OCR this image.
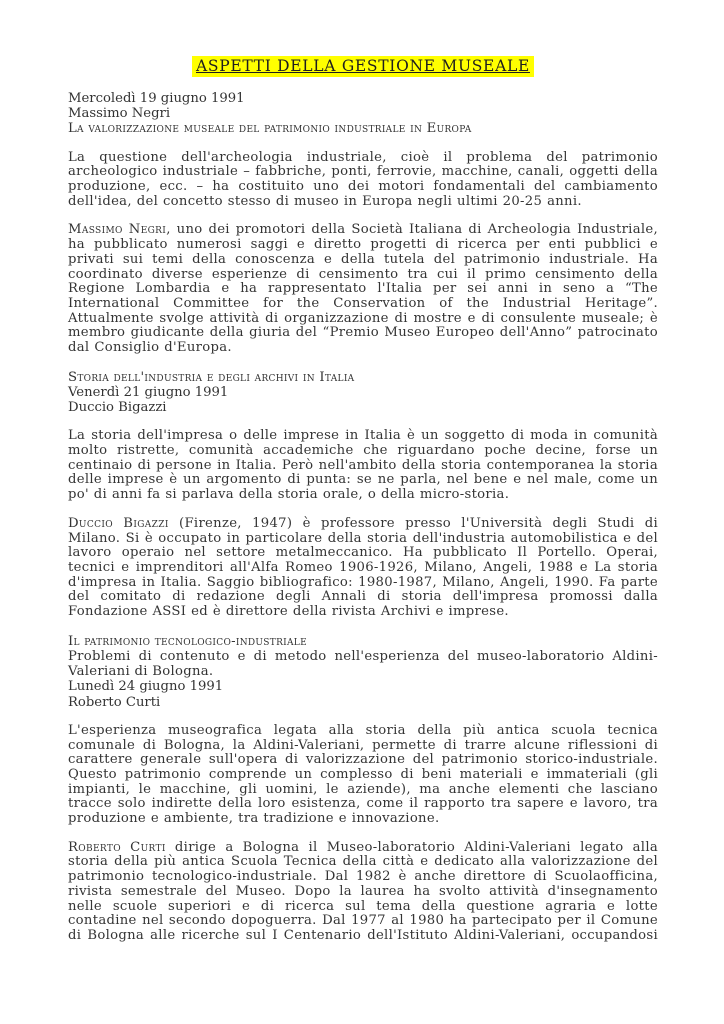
ASPETTI DELLA GESTIONE MUSEALE
Mercoledì 19 giugno 1991
Massimo Negri
La valorizzazione museale del patrimonio industriale in Europa

La questione dell'archeologia industriale, cioè il problema del patrimonio archeologico industriale – fabbriche, ponti, ferrovie, macchine, canali, oggetti della produzione, ecc. – ha costituito uno dei motori fondamentali del cambiamento dell'idea, del concetto stesso di museo in Europa negli ultimi 20-25 anni.

Massimo Negri, uno dei promotori della Società Italiana di Archeologia Industriale, ha pubblicato numerosi saggi e diretto progetti di ricerca per enti pubblici e privati sui temi della conoscenza e della tutela del patrimonio industriale. Ha coordinato diverse esperienze di censimento tra cui il primo censimento della Regione Lombardia e ha rappresentato l'Italia per sei anni in seno a “The International Committee for the Conservation of the Industrial Heritage”. Attualmente svolge attività di organizzazione di mostre e di consulente museale; è membro giudicante della giuria del “Premio Museo Europeo dell'Anno” patrocinato dal Consiglio d'Europa.

Storia dell'industria e degli archivi in Italia
Venerdì 21 giugno 1991
Duccio Bigazzi

La storia dell'impresa o delle imprese in Italia è un soggetto di moda in comunità molto ristrette, comunità accademiche che riguardano poche decine, forse un centinaio di persone in Italia. Però nell'ambito della storia contemporanea la storia delle imprese è un argomento di punta: se ne parla, nel bene e nel male, come un po' di anni fa si parlava della storia orale, o della micro-storia.

Duccio Bigazzi (Firenze, 1947) è professore presso l'Università degli Studi di Milano. Si è occupato in particolare della storia dell'industria automobilistica e del lavoro operaio nel settore metalmeccanico. Ha pubblicato Il Portello. Operai, tecnici e imprenditori all'Alfa Romeo 1906-1926, Milano, Angeli, 1988 e La storia d'impresa in Italia. Saggio bibliografico: 1980-1987, Milano, Angeli, 1990. Fa parte del comitato di redazione degli Annali di storia dell'impresa promossi dalla Fondazione ASSI ed è direttore della rivista Archivi e imprese.

Il patrimonio tecnologico-industriale
Problemi di contenuto e di metodo nell'esperienza del museo-laboratorio Aldini-Valeriani di Bologna.
Lunedì 24 giugno 1991
Roberto Curti

L'esperienza museografica legata alla storia della più antica scuola tecnica comunale di Bologna, la Aldini-Valeriani, permette di trarre alcune riflessioni di carattere generale sull'opera di valorizzazione del patrimonio storico-industriale. Questo patrimonio comprende un complesso di beni materiali e immateriali (gli impianti, le macchine, gli uomini, le aziende), ma anche elementi che lasciano tracce solo indirette della loro esistenza, come il rapporto tra sapere e lavoro, tra produzione e ambiente, tra tradizione e innovazione.

Roberto Curti dirige a Bologna il Museo-laboratorio Aldini-Valeriani legato alla storia della più antica Scuola Tecnica della città e dedicato alla valorizzazione del patrimonio tecnologico-industriale. Dal 1982 è anche direttore di Scuolaofficina, rivista semestrale del Museo. Dopo la laurea ha svolto attività d'insegnamento nelle scuole superiori e di ricerca sul tema della questione agraria e lotte contadine nel secondo dopoguerra. Dal 1977 al 1980 ha partecipato per il Comune di Bologna alle ricerche sul I Centenario dell'Istituto Aldini-Valeriani, occupandosi
